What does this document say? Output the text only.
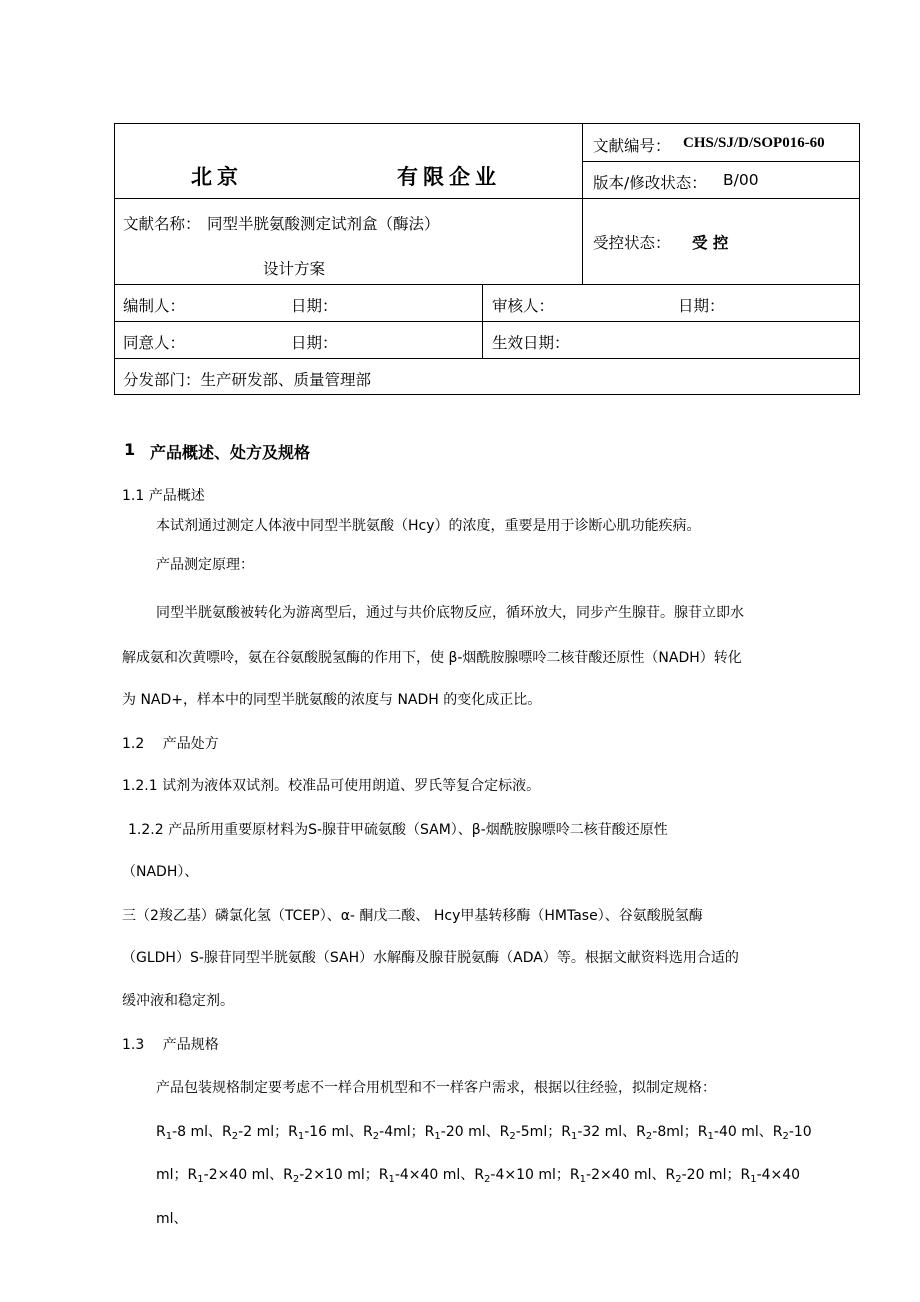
北京	有限企业
文献编号： CHS/SJ/D/SOP016-60
版本/修改状态： B/00
文献名称： 同型半胱氨酸测定试剂盒（酶法）
设计方案
受控状态： 受 控
编制人：	日期：	审核人：	日期：
同意人：	日期：	生效日期：
分发部门：生产研发部、质量管理部
1 产品概述、处方及规格
1.1 产品概述
本试剂通过测定人体液中同型半胱氨酸（Hcy）的浓度，重要是用于诊断心肌功能疾病。
产品测定原理：
同型半胱氨酸被转化为游离型后，通过与共价底物反应，循环放大，同步产生腺苷。腺苷立即水
解成氨和次黄嘌呤，氨在谷氨酸脱氢酶的作用下，使 β-烟酰胺腺嘌呤二核苷酸还原性（NADH）转化
为 NAD+，样本中的同型半胱氨酸的浓度与 NADH 的变化成正比。
1.2　 产品处方
1.2.1 试剂为液体双试剂。校准品可使用朗道、罗氏等复合定标液。
1.2.2 产品所用重要原材料为S-腺苷甲硫氨酸（SAM）、β-烟酰胺腺嘌呤二核苷酸还原性
（NADH）、
三（2羧乙基）磷氯化氢（TCEP）、α- 酮戊二酸、 Hcy甲基转移酶（HMTase）、谷氨酸脱氢酶
（GLDH）S-腺苷同型半胱氨酸（SAH）水解酶及腺苷脱氨酶（ADA）等。根据文献资料选用合适的
缓冲液和稳定剂。
1.3　 产品规格
产品包装规格制定要考虑不一样合用机型和不一样客户需求，根据以往经验，拟制定规格：
$R_1-8$ ml、$R_2-2$ ml；$R_1-16$ ml、$R_2-4ml$；$R_1-20$ ml、$R_2-5ml$；$R_1-32$ ml、$R_2-8ml$；$R_1-40$ ml、$R_2-10$
ml；$R_1-2\times 40$ ml、$R_2-2\times 10$ ml；$R_1-4\times 40$ ml、$R_2-4\times 10$ ml；$R_1-2\times 40$ ml、$R_2-20$ ml；$R_1-4\times 40$
ml、
